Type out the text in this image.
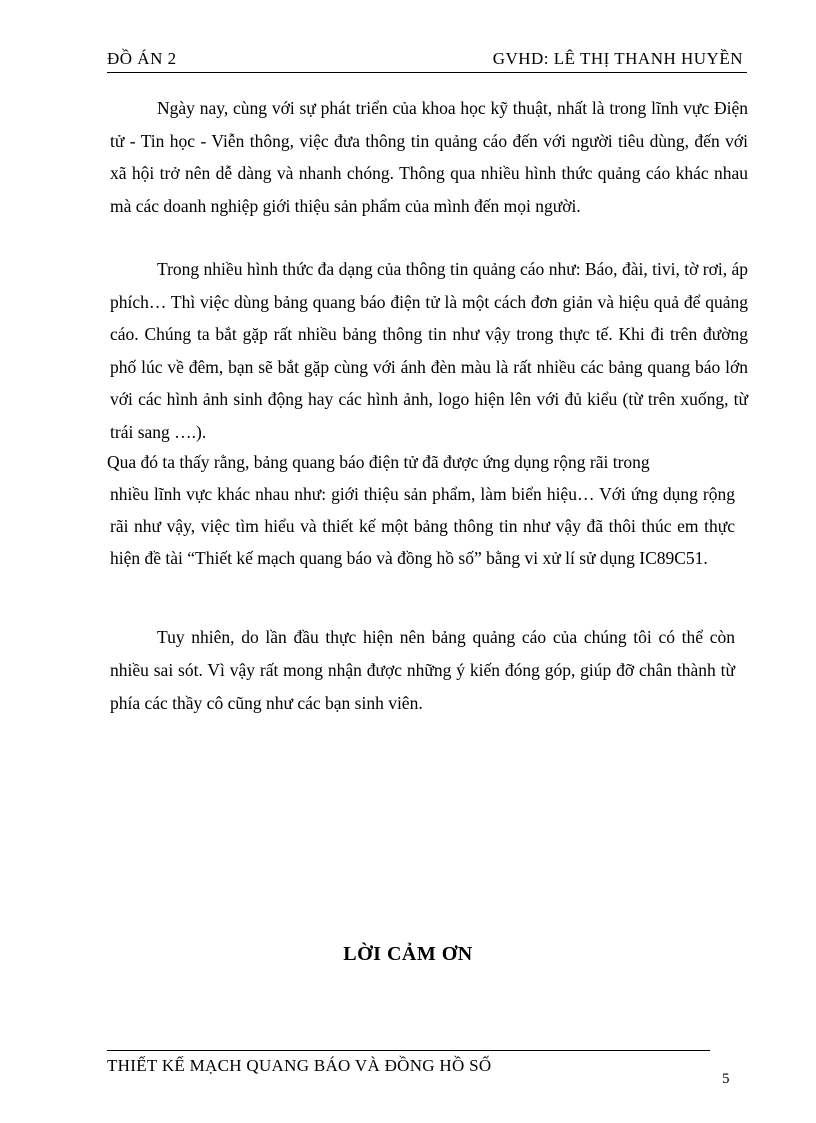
ĐỒ ÁN 2	GVHD: LÊ THỊ THANH HUYỀN

Ngày nay, cùng với sự phát triển của khoa học kỹ thuật, nhất là trong lĩnh vực Điện tử - Tin học - Viễn thông, việc đưa thông tin quảng cáo đến với người tiêu dùng, đến với xã hội trở nên dễ dàng và nhanh chóng. Thông qua nhiều hình thức quảng cáo khác nhau mà các doanh nghiệp giới thiệu sản phẩm của mình đến mọi người.

Trong nhiều hình thức đa dạng của thông tin quảng cáo như: Báo, đài, tivi, tờ rơi, áp phích… Thì việc dùng bảng quang báo điện tử là một cách đơn giản và hiệu quả để quảng cáo. Chúng ta bắt gặp rất nhiều bảng thông tin như vậy trong thực tế. Khi đi trên đường phố lúc về đêm, bạn sẽ bắt gặp cùng với ánh đèn màu là rất nhiều các bảng quang báo lớn với các hình ảnh sinh động hay các hình ảnh, logo hiện lên với đủ kiểu (từ trên xuống, từ trái sang ….).

Qua đó ta thấy rằng, bảng quang báo điện tử đã được ứng dụng rộng rãi trong
nhiều lĩnh vực khác nhau như: giới thiệu sản phẩm, làm biển hiệu… Với ứng dụng rộng rãi như vậy, việc tìm hiểu và thiết kế một bảng thông tin như vậy đã thôi thúc em thực hiện đề tài “Thiết kế mạch quang báo và đồng hồ số” bằng vi xử lí sử dụng IC89C51.

Tuy nhiên, do lần đầu thực hiện nên bảng quảng cáo của chúng tôi có thể còn nhiều sai sót. Vì vậy rất mong nhận được những ý kiến đóng góp, giúp đỡ chân thành từ phía các thầy cô cũng như các bạn sinh viên.

LỜI CẢM ƠN
THIẾT KẾ MẠCH QUANG BÁO VÀ ĐỒNG HỒ SỐ
5
